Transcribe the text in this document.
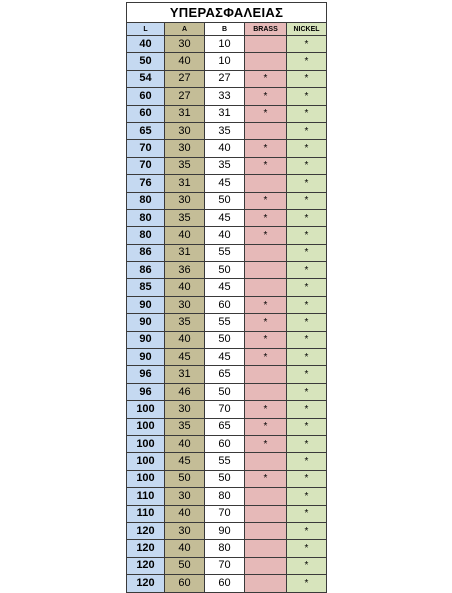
ΥΠΕΡΑΣΦΑΛΕΙΑΣ				
L	A	B	BRASS	NICKEL
40	30	10		*
50	40	10		*
54	27	27	*	*
60	27	33	*	*
60	31	31	*	*
65	30	35		*
70	30	40	*	*
70	35	35	*	*
76	31	45		*
80	30	50	*	*
80	35	45	*	*
80	40	40	*	*
86	31	55		*
86	36	50		*
85	40	45		*
90	30	60	*	*
90	35	55	*	*
90	40	50	*	*
90	45	45	*	*
96	31	65		*
96	46	50		*
100	30	70	*	*
100	35	65	*	*
100	40	60	*	*
100	45	55		*
100	50	50	*	*
110	30	80		*
110	40	70		*
120	30	90		*
120	40	80		*
120	50	70		*
120	60	60		*
